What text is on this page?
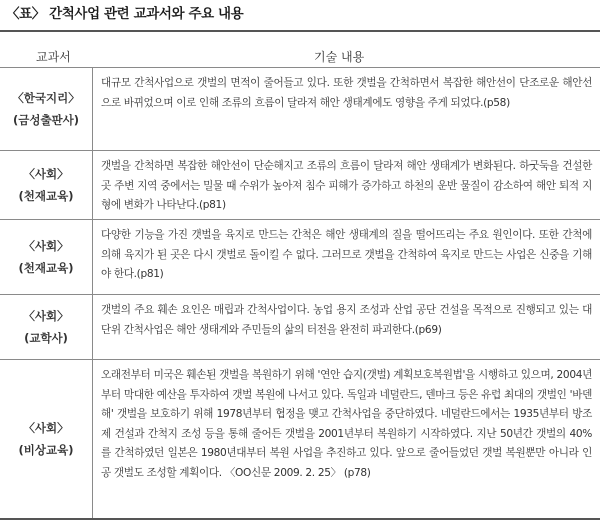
〈표〉 간척사업 관련 교과서와 주요 내용
교과서	기술 내용
〈한국지리〉
(금성출판사)
대규모 간척사업으로 갯벌의 면적이 줄어들고 있다. 또한 갯벌을 간척하면서 복잡한 해안선이 단조로운 해안선으로 바뀌었으며 이로 인해 조류의 흐름이 달라져 해안 생태계에도 영향을 주게 되었다.(p58)
〈사회〉
(천재교육)
갯벌을 간척하면 복잡한 해안선이 단순해지고 조류의 흐름이 달라져 해안 생태계가 변화된다. 하굿둑을 건설한 곳 주변 지역 중에서는 밀물 때 수위가 높아져 침수 피해가 증가하고 하천의 운반 물질이 감소하여 해안 퇴적 지형에 변화가 나타난다.(p81)
〈사회〉
(천재교육)
다양한 기능을 가진 갯벌을 육지로 만드는 간척은 해안 생태계의 질을 떨어뜨리는 주요 원인이다. 또한 간척에 의해 육지가 된 곳은 다시 갯벌로 돌이킬 수 없다. 그러므로 갯벌을 간척하여 육지로 만드는 사업은 신중을 기해야 한다.(p81)
〈사회〉
(교학사)
갯벌의 주요 훼손 요인은 매립과 간척사업이다. 농업 용지 조성과 산업 공단 건설을 목적으로 진행되고 있는 대단위 간척사업은 해안 생태계와 주민들의 삶의 터전을 완전히 파괴한다.(p69)
〈사회〉
(비상교육)
오래전부터 미국은 훼손된 갯벌을 복원하기 위해 '연안 습지(갯벌) 계획보호복원법'을 시행하고 있으며, 2004년부터 막대한 예산을 투자하여 갯벌 복원에 나서고 있다. 독일과 네덜란드, 덴마크 등은 유럽 최대의 갯벌인 '바덴 해' 갯벌을 보호하기 위해 1978년부터 협정을 맺고 간척사업을 중단하였다. 네덜란드에서는 1935년부터 방조제 건설과 간척지 조성 등을 통해 줄어든 갯벌을 2001년부터 복원하기 시작하였다. 지난 50년간 갯벌의 40%를 간척하였던 일본은 1980년대부터 복원 사업을 추진하고 있다. 앞으로 줄어들었던 갯벌 복원뿐만 아니라 인공 갯벌도 조성할 계획이다. 〈OO신문 2009. 2. 25〉 (p78)
